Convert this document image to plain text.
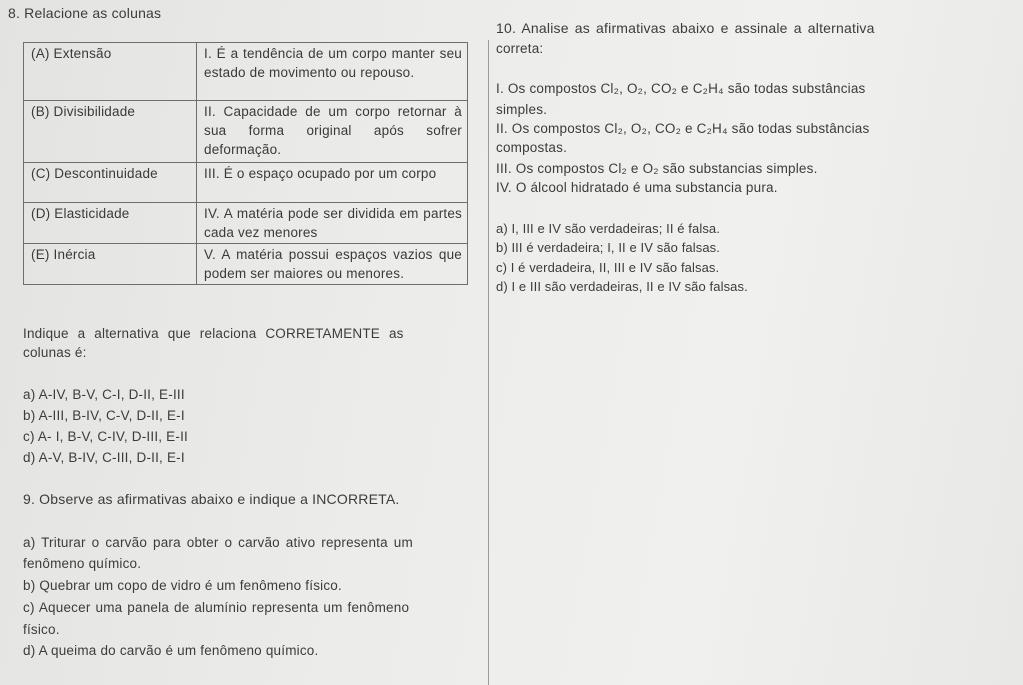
8. Relacione as colunas
(A) Extensão	I. É a tendência de um corpo manter seu estado de movimento ou repouso.
(B) Divisibilidade	II. Capacidade de um corpo retornar à sua forma original após sofrer deformação.
(C) Descontinuidade	III. É o espaço ocupado por um corpo
(D) Elasticidade	IV. A matéria pode ser dividida em partes cada vez menores
(E) Inércia	V. A matéria possui espaços vazios que podem ser maiores ou menores.
Indique a alternativa que relaciona CORRETAMENTE as
colunas é:
a) A-IV, B-V, C-I, D-II, E-III
b) A-III, B-IV, C-V, D-II, E-I
c) A- I, B-V, C-IV, D-III, E-II
d) A-V, B-IV, C-III, D-II, E-I
9. Observe as afirmativas abaixo e indique a INCORRETA.
a) Triturar o carvão para obter o carvão ativo representa um
fenômeno químico.
b) Quebrar um copo de vidro é um fenômeno físico.
c) Aquecer uma panela de alumínio representa um fenômeno
físico.
d) A queima do carvão é um fenômeno químico.
10. Analise as afirmativas abaixo e assinale a alternativa
correta:
I. Os compostos Cl₂, O₂, CO₂ e C₂H₄ são todas substâncias
simples.
II. Os compostos Cl₂, O₂, CO₂ e C₂H₄ são todas substâncias
compostas.
III. Os compostos Cl₂ e O₂ são substancias simples.
IV. O álcool hidratado é uma substancia pura.
a) I, III e IV são verdadeiras; II é falsa.
b) III é verdadeira; I, II e IV são falsas.
c) I é verdadeira, II, III e IV são falsas.
d) I e III são verdadeiras, II e IV são falsas.
